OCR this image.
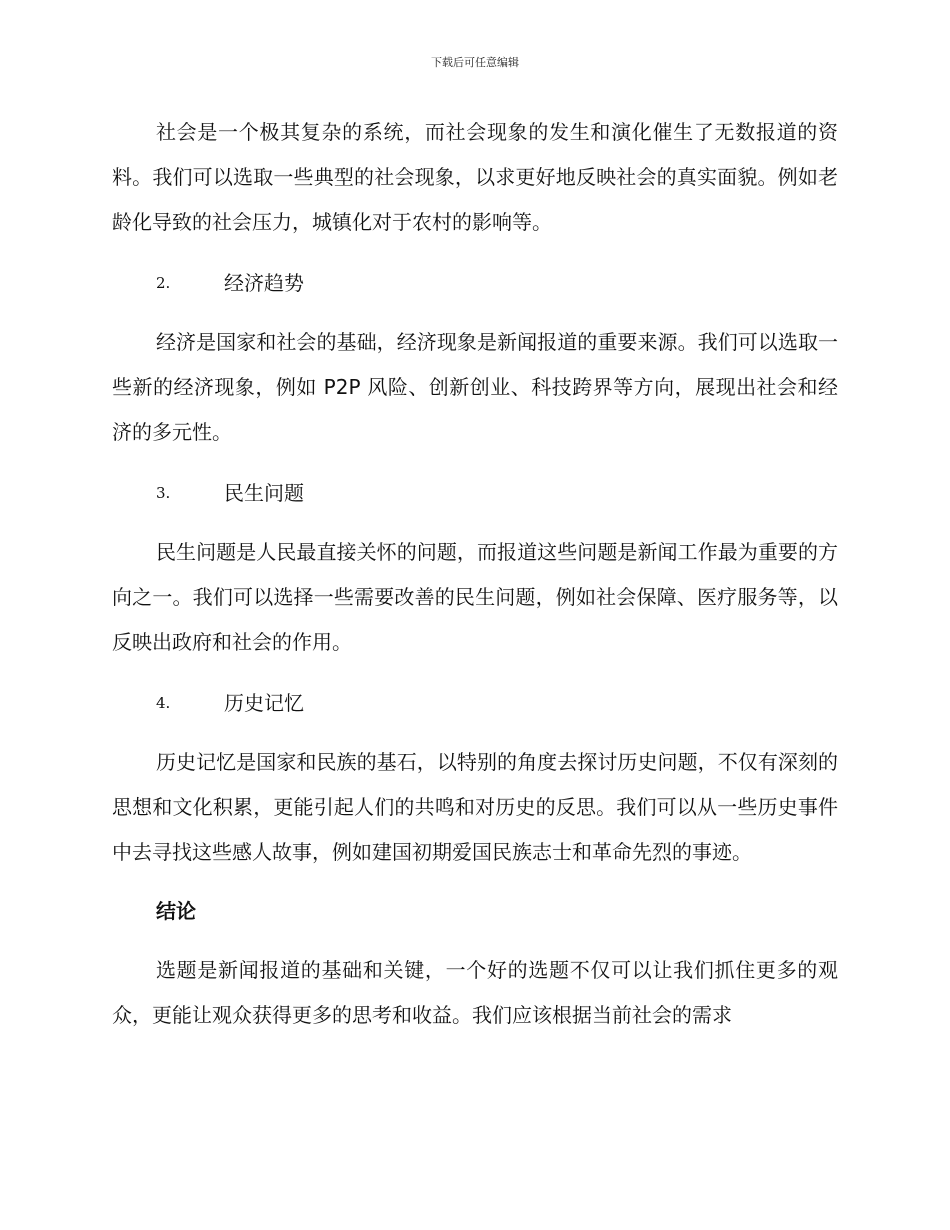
下载后可任意编辑

社会是一个极其复杂的系统，而社会现象的发生和演化催生了无数报道的资料。我们可以选取一些典型的社会现象，以求更好地反映社会的真实面貌。例如老龄化导致的社会压力，城镇化对于农村的影响等。

2.	经济趋势

经济是国家和社会的基础，经济现象是新闻报道的重要来源。我们可以选取一些新的经济现象，例如 P2P 风险、创新创业、科技跨界等方向，展现出社会和经济的多元性。

3.	民生问题

民生问题是人民最直接关怀的问题，而报道这些问题是新闻工作最为重要的方向之一。我们可以选择一些需要改善的民生问题，例如社会保障、医疗服务等，以反映出政府和社会的作用。

4.	历史记忆

历史记忆是国家和民族的基石，以特别的角度去探讨历史问题，不仅有深刻的思想和文化积累，更能引起人们的共鸣和对历史的反思。我们可以从一些历史事件中去寻找这些感人故事，例如建国初期爱国民族志士和革命先烈的事迹。

结论

选题是新闻报道的基础和关键，一个好的选题不仅可以让我们抓住更多的观众，更能让观众获得更多的思考和收益。我们应该根据当前社会的需求
